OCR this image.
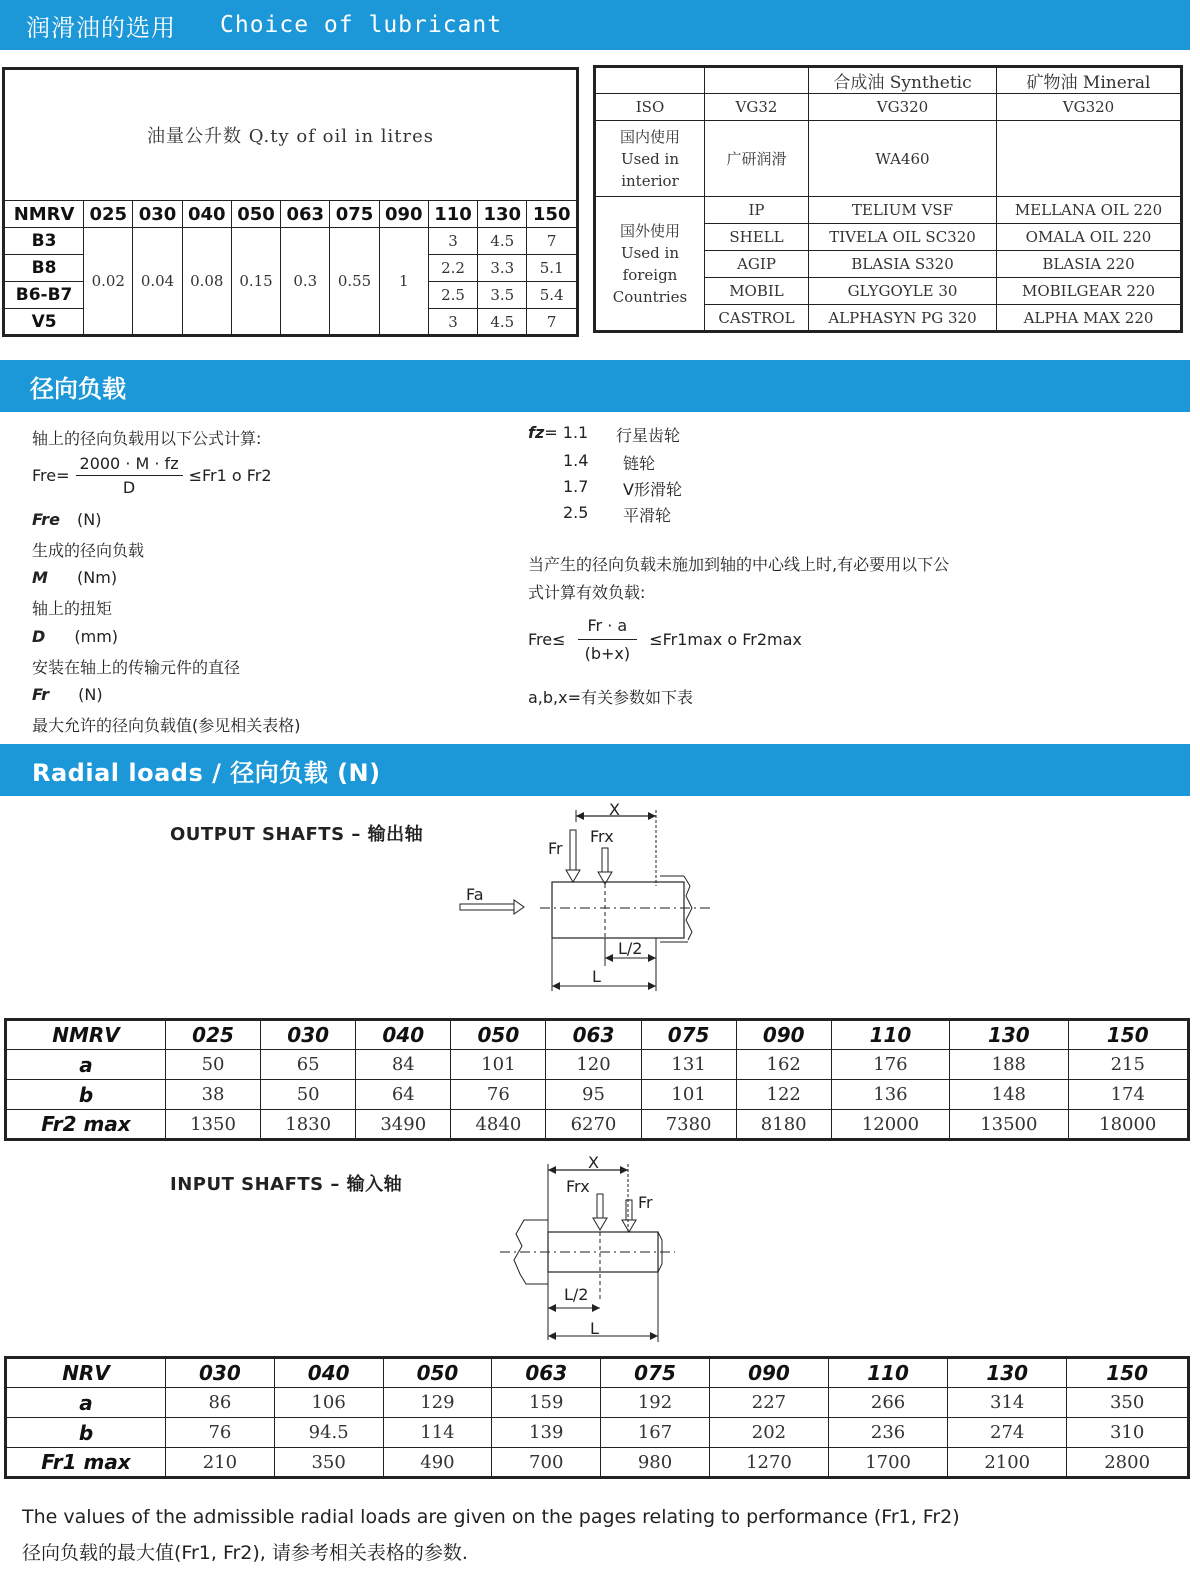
润滑油的选用 Choice of lubricant
油量公升数 Q.ty of oil in litres										
NMRV	025	030	040	050	063	075	090	110	130	150
B3	0.02	0.04	0.08	0.15	0.3	0.55	1	3	4.5	7
B8								2.2	3.3	5.1
B6-B7								2.5	3.5	5.4
V5								3	4.5	7
		合成油 Synthetic	矿物油 Mineral
ISO	VG32	VG320	VG320

国内使用
Used in
interior	广研润滑	WA460	

国外使用
Used in
foreign
Countries	IP	TELIUM VSF	MELLANA OIL 220
	SHELL	TIVELA OIL SC320	OMALA OIL 220
	AGIP	BLASIA S320	BLASIA 220
	MOBIL	GLYGOYLE 30	MOBILGEAR 220
	CASTROL	ALPHASYN PG 320	ALPHA MAX 220
径向负载
轴上的径向负载用以下公式计算:
$Fre= \frac{2000 \cdot M \cdot fz}{D} \le Fr1$ o Fr2
Fre (N)
生成的径向负载
M (Nm)
轴上的扭矩
D (mm)
安装在轴上的传输元件的直径
Fr (N)
最大允许的径向负载值(参见相关表格)
fz= 1.1 行星齿轮
1.4 链轮
1.7 V形滑轮
2.5 平滑轮
当产生的径向负载未施加到轴的中心线上时,有必要用以下公
式计算有效负载:
$Fre\le \frac{Fr \cdot a}{(b+x)} \le Fr1\max$ o Fr2max
a,b,x=有关参数如下表
Radial loads / 径向负载 (N)
OUTPUT SHAFTS – 输出轴
X
Fr
Frx
Fa
L/2
L
NMRV	025	030	040	050	063	075	090	110	130	150
a	50	65	84	101	120	131	162	176	188	215
b	38	50	64	76	95	101	122	136	148	174
Fr2 max	1350	1830	3490	4840	6270	7380	8180	12000	13500	18000
INPUT SHAFTS – 输入轴
X
Frx
Fr
L/2
L
NRV	030	040	050	063	075	090	110	130	150
a	86	106	129	159	192	227	266	314	350
b	76	94.5	114	139	167	202	236	274	310
Fr1 max	210	350	490	700	980	1270	1700	2100	2800
The values of the admissible radial loads are given on the pages relating to performance (Fr1, Fr2)
径向负载的最大值(Fr1, Fr2), 请参考相关表格的参数.
